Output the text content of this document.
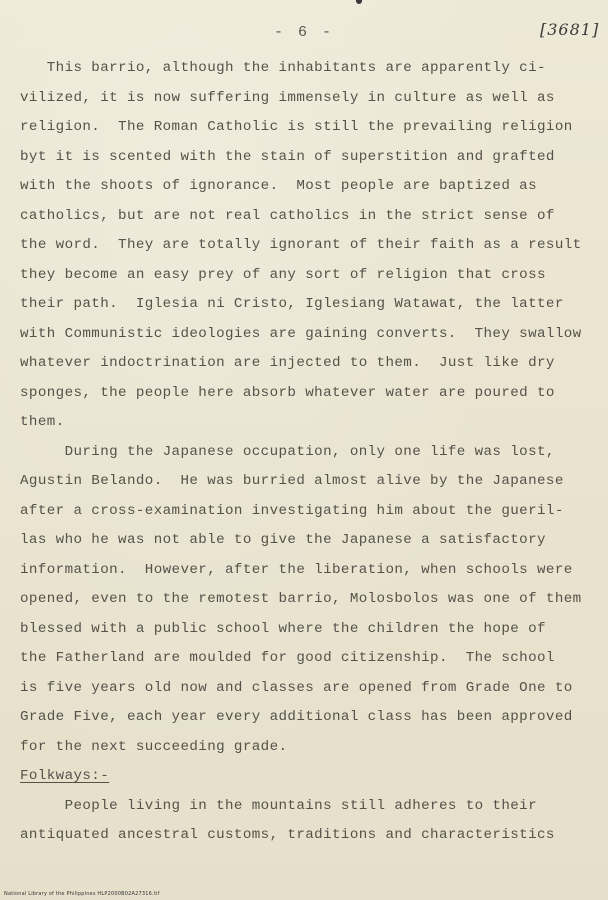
- 6 -	[3681]
This barrio, although the inhabitants are apparently ci-
vilized, it is now suffering immensely in culture as well as
religion.  The Roman Catholic is still the prevailing religion
byt it is scented with the stain of superstition and grafted
with the shoots of ignorance.  Most people are baptized as
catholics, but are not real catholics in the strict sense of
the word.  They are totally ignorant of their faith as a result
they become an easy prey of any sort of religion that cross
their path.  Iglesia ni Cristo, Iglesiang Watawat, the latter
with Communistic ideologies are gaining converts.  They swallow
whatever indoctrination are injected to them.  Just like dry
sponges, the people here absorb whatever water are poured to
them.
During the Japanese occupation, only one life was lost,
Agustin Belando.  He was burried almost alive by the Japanese
after a cross-examination investigating him about the gueril-
las who he was not able to give the Japanese a satisfactory
information.  However, after the liberation, when schools were
opened, even to the remotest barrio, Molosbolos was one of them
blessed with a public school where the children the hope of
the Fatherland are moulded for good citizenship.  The school
is five years old now and classes are opened from Grade One to
Grade Five, each year every additional class has been approved
for the next succeeding grade.
Folkways:-
People living in the mountains still adheres to their
antiquated ancestral customs, traditions and characteristics
National Library of the Philippines HLP2000B02A27316.tif
